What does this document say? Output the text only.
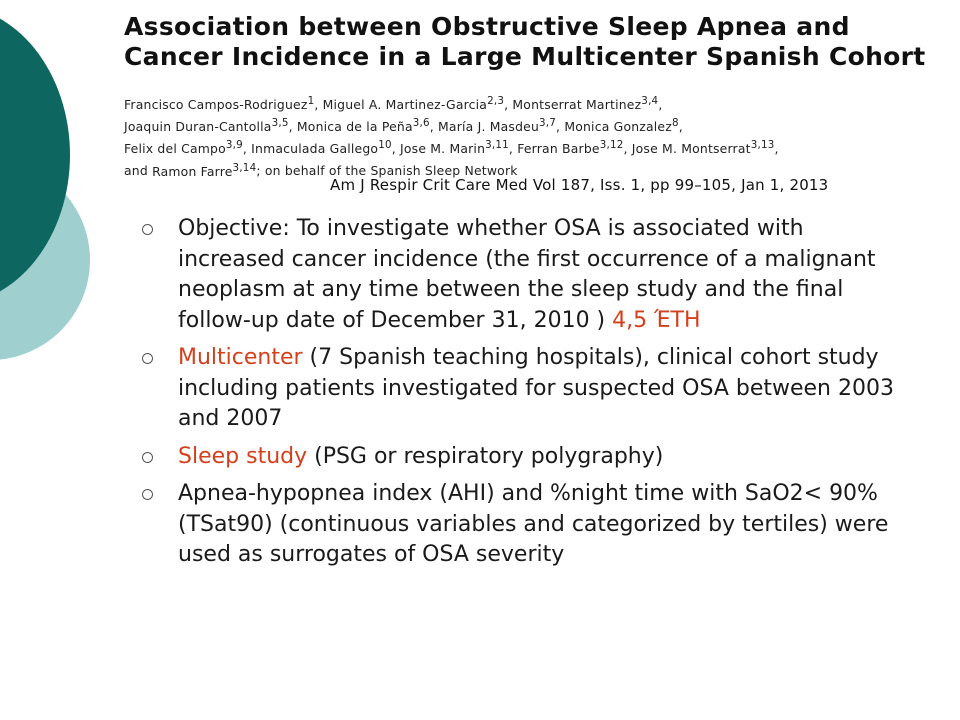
Association between Obstructive Sleep Apnea and
Cancer Incidence in a Large Multicenter Spanish Cohort

Francisco Campos-Rodriguez$^1$, Miguel A. Martinez-Garcia$^{2,3}$, Montserrat Martinez$^{3,4}$,
Joaquin Duran-Cantolla$^{3,5}$, Monica de la Peña$^{3,6}$, María J. Masdeu$^{3,7}$, Monica Gonzalez$^8$,
Felix del Campo$^{3,9}$, Inmaculada Gallego$^{10}$, Jose M. Marin$^{3,11}$, Ferran Barbe$^{3,12}$, Jose M. Montserrat$^{3,13}$,
and Ramon Farre$^{3,14}$; on behalf of the Spanish Sleep Network

Am J Respir Crit Care Med Vol 187, Iss. 1, pp 99–105, Jan 1, 2013

Objective: To investigate whether OSA is associated with increased cancer incidence (the first occurrence of a malignant neoplasm at any time between the sleep study and the final follow-up date of December 31, 2010 ) 4,5 ΈΤΗ
Multicenter (7 Spanish teaching hospitals), clinical cohort study including patients investigated for suspected OSA between 2003 and 2007
Sleep study (PSG or respiratory polygraphy)
Apnea-hypopnea index (AHI) and %night time with SaO2< 90% (TSat90) (continuous variables and categorized by tertiles) were used as surrogates of OSA severity
